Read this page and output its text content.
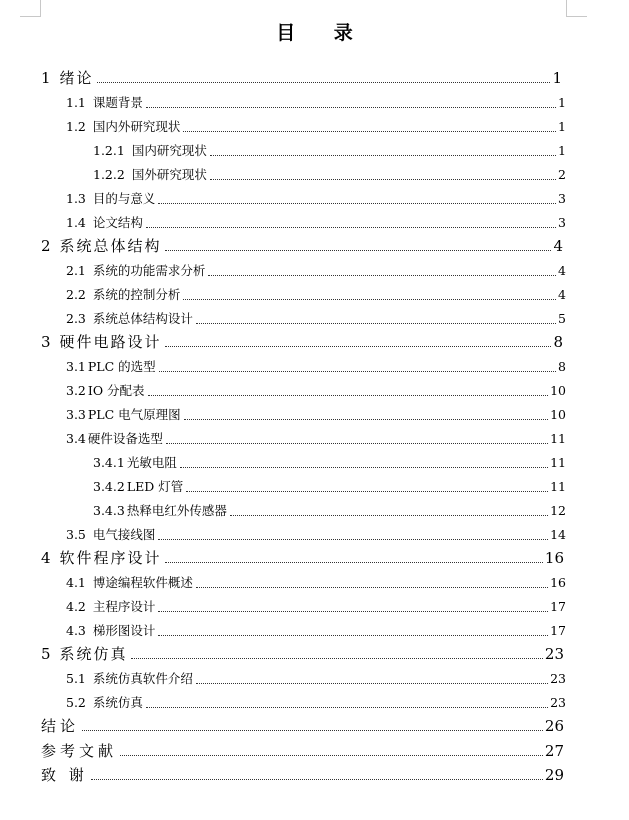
目 录
1 绪论	1
1.1 课题背景	1
1.2 国内外研究现状	1
1.2.1 国内研究现状	1
1.2.2 国外研究现状	2
1.3 目的与意义	3
1.4 论文结构	3
2 系统总体结构	4
2.1 系统的功能需求分析	4
2.2 系统的控制分析	4
2.3 系统总体结构设计	5
3 硬件电路设计	8
3.1 PLC 的选型	8
3.2 IO 分配表	10
3.3 PLC 电气原理图	10
3.4 硬件设备选型	11
3.4.1 光敏电阻	11
3.4.2 LED 灯管	11
3.4.3 热释电红外传感器	12
3.5 电气接线图	14
4 软件程序设计	16
4.1 博途编程软件概述	16
4.2 主程序设计	17
4.3 梯形图设计	17
5 系统仿真	23
5.1 系统仿真软件介绍	23
5.2 系统仿真	23
结论	26
参考文献	27
致 谢	29
